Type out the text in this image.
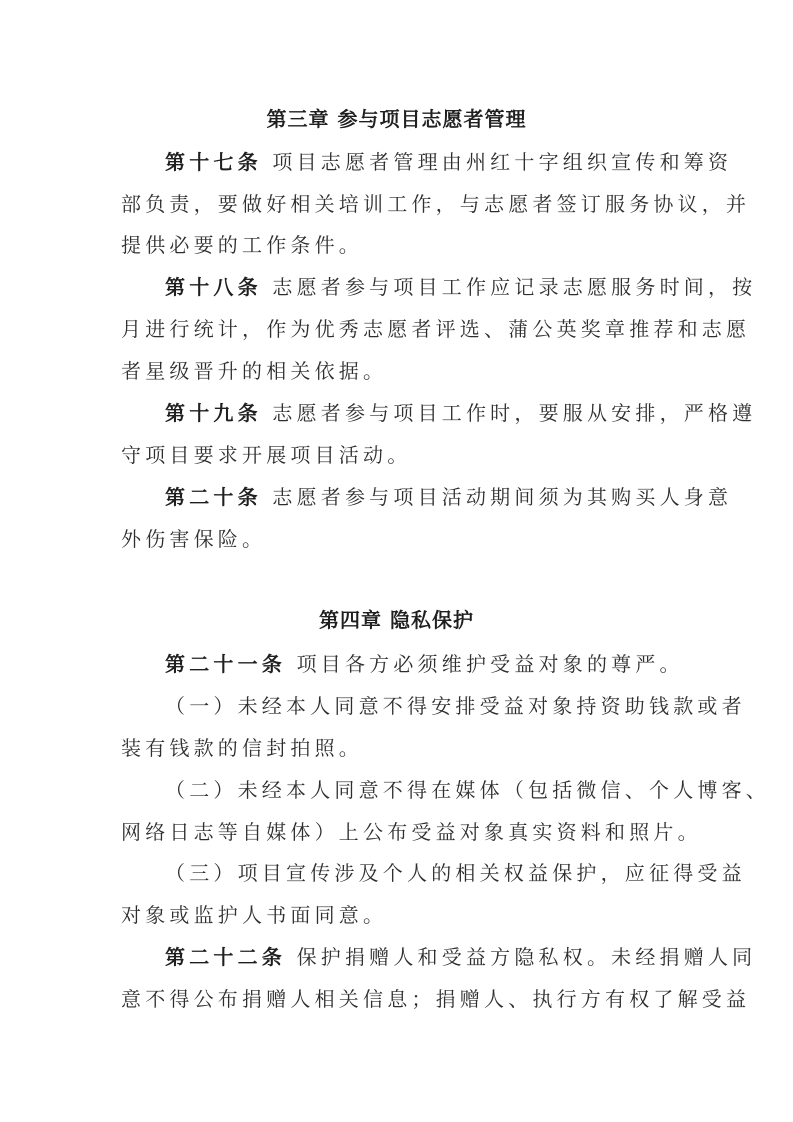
第三章 参与项目志愿者管理
第十七条 项目志愿者管理由州红十字组织宣传和筹资
部负责，要做好相关培训工作，与志愿者签订服务协议，并
提供必要的工作条件。
第十八条 志愿者参与项目工作应记录志愿服务时间，按
月进行统计，作为优秀志愿者评选、蒲公英奖章推荐和志愿
者星级晋升的相关依据。
第十九条 志愿者参与项目工作时，要服从安排，严格遵
守项目要求开展项目活动。
第二十条 志愿者参与项目活动期间须为其购买人身意
外伤害保险。
第四章 隐私保护
第二十一条 项目各方必须维护受益对象的尊严。
（一）未经本人同意不得安排受益对象持资助钱款或者
装有钱款的信封拍照。
（二）未经本人同意不得在媒体（包括微信、个人博客、
网络日志等自媒体）上公布受益对象真实资料和照片。
（三）项目宣传涉及个人的相关权益保护，应征得受益
对象或监护人书面同意。
第二十二条 保护捐赠人和受益方隐私权。未经捐赠人同
意不得公布捐赠人相关信息；捐赠人、执行方有权了解受益
